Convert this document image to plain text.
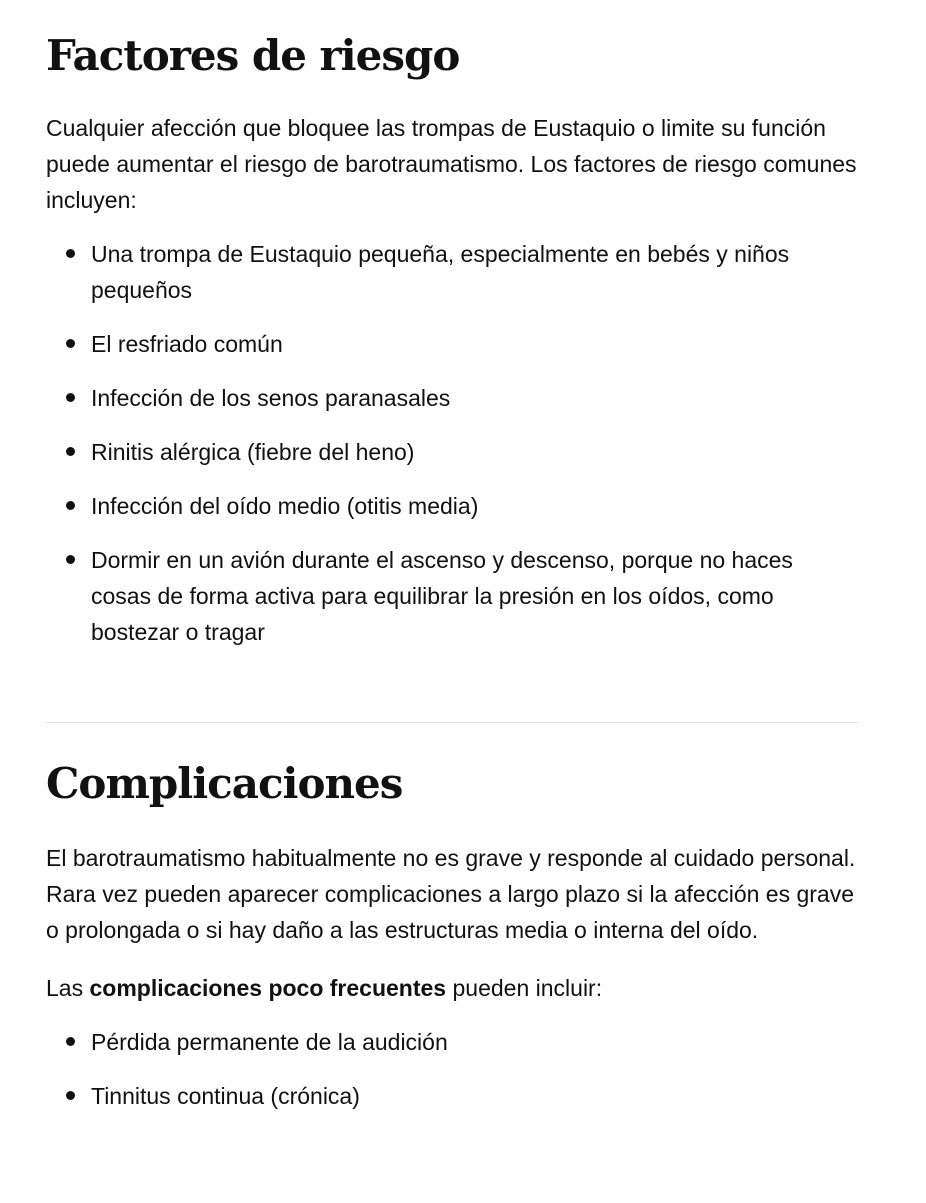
Factores de riesgo

Cualquier afección que bloquee las trompas de Eustaquio o limite su función puede aumentar el riesgo de barotraumatismo. Los factores de riesgo comunes incluyen:

Una trompa de Eustaquio pequeña, especialmente en bebés y niños pequeños
El resfriado común
Infección de los senos paranasales
Rinitis alérgica (fiebre del heno)
Infección del oído medio (otitis media)
Dormir en un avión durante el ascenso y descenso, porque no haces cosas de forma activa para equilibrar la presión en los oídos, como bostezar o tragar
Complicaciones

El barotraumatismo habitualmente no es grave y responde al cuidado personal. Rara vez pueden aparecer complicaciones a largo plazo si la afección es grave o prolongada o si hay daño a las estructuras media o interna del oído.

Las complicaciones poco frecuentes pueden incluir:

Pérdida permanente de la audición
Tinnitus continua (crónica)
